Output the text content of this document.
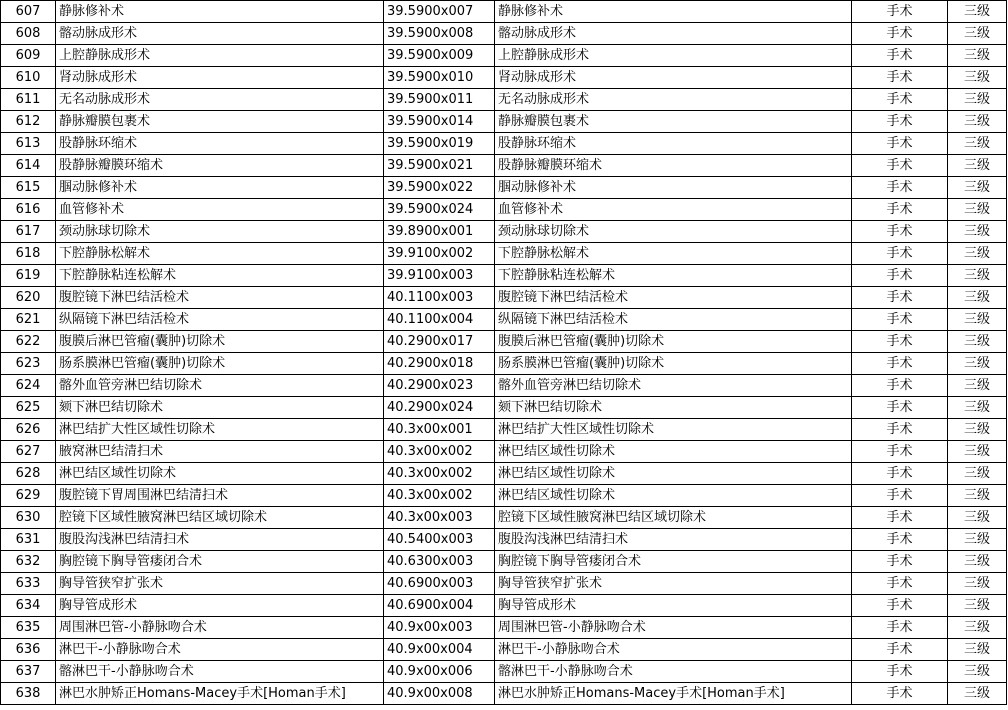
607	静脉修补术	39.5900x007	静脉修补术	手术	三级
608	髂动脉成形术	39.5900x008	髂动脉成形术	手术	三级
609	上腔静脉成形术	39.5900x009	上腔静脉成形术	手术	三级
610	肾动脉成形术	39.5900x010	肾动脉成形术	手术	三级
611	无名动脉成形术	39.5900x011	无名动脉成形术	手术	三级
612	静脉瓣膜包裹术	39.5900x014	静脉瓣膜包裹术	手术	三级
613	股静脉环缩术	39.5900x019	股静脉环缩术	手术	三级
614	股静脉瓣膜环缩术	39.5900x021	股静脉瓣膜环缩术	手术	三级
615	腘动脉修补术	39.5900x022	腘动脉修补术	手术	三级
616	血管修补术	39.5900x024	血管修补术	手术	三级
617	颈动脉球切除术	39.8900x001	颈动脉球切除术	手术	三级
618	下腔静脉松解术	39.9100x002	下腔静脉松解术	手术	三级
619	下腔静脉粘连松解术	39.9100x003	下腔静脉粘连松解术	手术	三级
620	腹腔镜下淋巴结活检术	40.1100x003	腹腔镜下淋巴结活检术	手术	三级
621	纵隔镜下淋巴结活检术	40.1100x004	纵隔镜下淋巴结活检术	手术	三级
622	腹膜后淋巴管瘤(囊肿)切除术	40.2900x017	腹膜后淋巴管瘤(囊肿)切除术	手术	三级
623	肠系膜淋巴管瘤(囊肿)切除术	40.2900x018	肠系膜淋巴管瘤(囊肿)切除术	手术	三级
624	髂外血管旁淋巴结切除术	40.2900x023	髂外血管旁淋巴结切除术	手术	三级
625	颏下淋巴结切除术	40.2900x024	颏下淋巴结切除术	手术	三级
626	淋巴结扩大性区域性切除术	40.3x00x001	淋巴结扩大性区域性切除术	手术	三级
627	腋窝淋巴结清扫术	40.3x00x002	淋巴结区域性切除术	手术	三级
628	淋巴结区域性切除术	40.3x00x002	淋巴结区域性切除术	手术	三级
629	腹腔镜下胃周围淋巴结清扫术	40.3x00x002	淋巴结区域性切除术	手术	三级
630	腔镜下区域性腋窝淋巴结区域切除术	40.3x00x003	腔镜下区域性腋窝淋巴结区域切除术	手术	三级
631	腹股沟浅淋巴结清扫术	40.5400x003	腹股沟浅淋巴结清扫术	手术	三级
632	胸腔镜下胸导管瘘闭合术	40.6300x003	胸腔镜下胸导管瘘闭合术	手术	三级
633	胸导管狭窄扩张术	40.6900x003	胸导管狭窄扩张术	手术	三级
634	胸导管成形术	40.6900x004	胸导管成形术	手术	三级
635	周围淋巴管-小静脉吻合术	40.9x00x003	周围淋巴管-小静脉吻合术	手术	三级
636	淋巴干-小静脉吻合术	40.9x00x004	淋巴干-小静脉吻合术	手术	三级
637	髂淋巴干-小静脉吻合术	40.9x00x006	髂淋巴干-小静脉吻合术	手术	三级
638	淋巴水肿矫正Homans-Macey手术[Homan手术]	40.9x00x008	淋巴水肿矫正Homans-Macey手术[Homan手术]	手术	三级
